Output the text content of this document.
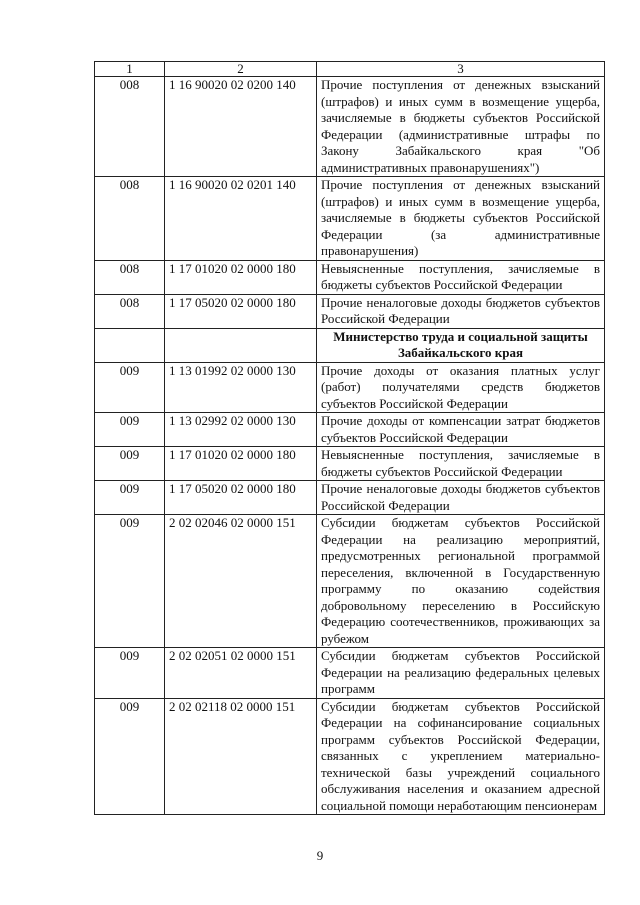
1	2	3
008	1 16 90020 02 0200 140	Прочие поступления от денежных взысканий (штрафов) и иных сумм в возмещение ущерба, зачисляемые в бюджеты субъектов Российской Федерации (административные штрафы по Закону Забайкальского края "Об административных правонарушениях")
008	1 16 90020 02 0201 140	Прочие поступления от денежных взысканий (штрафов) и иных сумм в возмещение ущерба, зачисляемые в бюджеты субъектов Российской Федерации (за административные правонарушения)
008	1 17 01020 02 0000 180	Невыясненные поступления, зачисляемые в бюджеты субъектов Российской Федерации
008	1 17 05020 02 0000 180	Прочие неналоговые доходы бюджетов субъектов Российской Федерации
		Министерство труда и социальной защиты Забайкальского края
009	1 13 01992 02 0000 130	Прочие доходы от оказания платных услуг (работ) получателями средств бюджетов субъектов Российской Федерации
009	1 13 02992 02 0000 130	Прочие доходы от компенсации затрат бюджетов субъектов Российской Федерации
009	1 17 01020 02 0000 180	Невыясненные поступления, зачисляемые в бюджеты субъектов Российской Федерации
009	1 17 05020 02 0000 180	Прочие неналоговые доходы бюджетов субъектов Российской Федерации
009	2 02 02046 02 0000 151	Субсидии бюджетам субъектов Российской Федерации на реализацию мероприятий, предусмотренных региональной программой переселения, включенной в Государственную программу по оказанию содействия добровольному переселению в Российскую Федерацию соотечественников, проживающих за рубежом
009	2 02 02051 02 0000 151	Субсидии бюджетам субъектов Российской Федерации на реализацию федеральных целевых программ
009	2 02 02118 02 0000 151	Субсидии бюджетам субъектов Российской Федерации на софинансирование социальных программ субъектов Российской Федерации, связанных с укреплением материально-технической базы учреждений социального обслуживания населения и оказанием адресной социальной помощи неработающим пенсионерам
9
